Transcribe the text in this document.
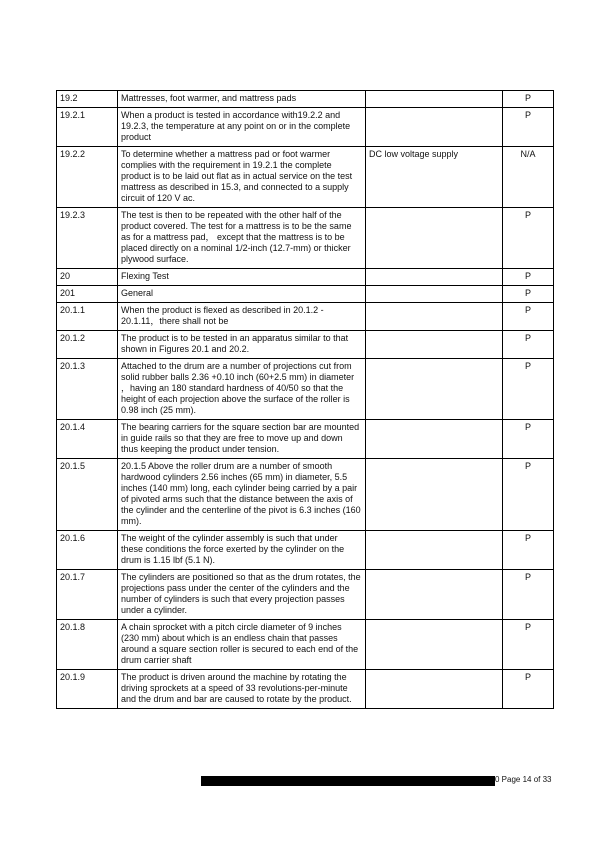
19.2	Mattresses, foot warmer, and mattress pads		P
19.2.1	When a product is tested in accordance with19.2.2 and 19.2.3, the temperature at any point on or in the complete product		P
19.2.2	To determine whether a mattress pad or foot warmer complies with the requirement in 19.2.1 the complete product is to be laid out flat as in actual service on the test mattress as described in 15.3, and connected to a supply circuit of 120 V ac.	DC low voltage supply	N/A
19.2.3	The test is then to be repeated with the other half of the product covered. The test for a mattress is to be the same as for a mattress pad， except that the mattress is to be placed directly on a nominal 1/2-inch (12.7-mm) or thicker plywood surface.		P
20	Flexing Test		P
201	General		P
20.1.1	When the product is flexed as described in 20.1.2 - 20.1.11，there shall not be		P
20.1.2	The product is to be tested in an apparatus similar to that shown in Figures 20.1 and 20.2.		P
20.1.3	Attached to the drum are a number of projections cut from solid rubber balls 2.36 +0.10 inch (60+2.5 mm) in diameter ，having an 180 standard hardness of 40/50 so that the height of each projection above the surface of the roller is 0.98 inch (25 mm).		P
20.1.4	The bearing carriers for the square section bar are mounted in guide rails so that they are free to move up and down thus keeping the product under tension.		P
20.1.5	20.1.5 Above the roller drum are a number of smooth hardwood cylinders 2.56 inches (65 mm) in diameter, 5.5 inches (140 mm) long, each cylinder being carried by a pair of pivoted arms such that the distance between the axis of the cylinder and the centerline of the pivot is 6.3 inches (160 mm).		P
20.1.6	The weight of the cylinder assembly is such that under these conditions the force exerted by the cylinder on the drum is 1.15 lbf (5.1 N).		P
20.1.7	The cylinders are positioned so that as the drum rotates, the projections pass under the center of the cylinders and the number of cylinders is such that every projection passes under a cylinder.		P
20.1.8	A chain sprocket with a pitch circle diameter of 9 inches (230 mm) about which is an endless chain that passes around a square section roller is secured to each end of the drum carrier shaft		P
20.1.9	The product is driven around the machine by rotating the driving sprockets at a speed of 33 revolutions-per-minute and the drum and bar are caused to rotate by the product.		P
0 Page 14 of 33
